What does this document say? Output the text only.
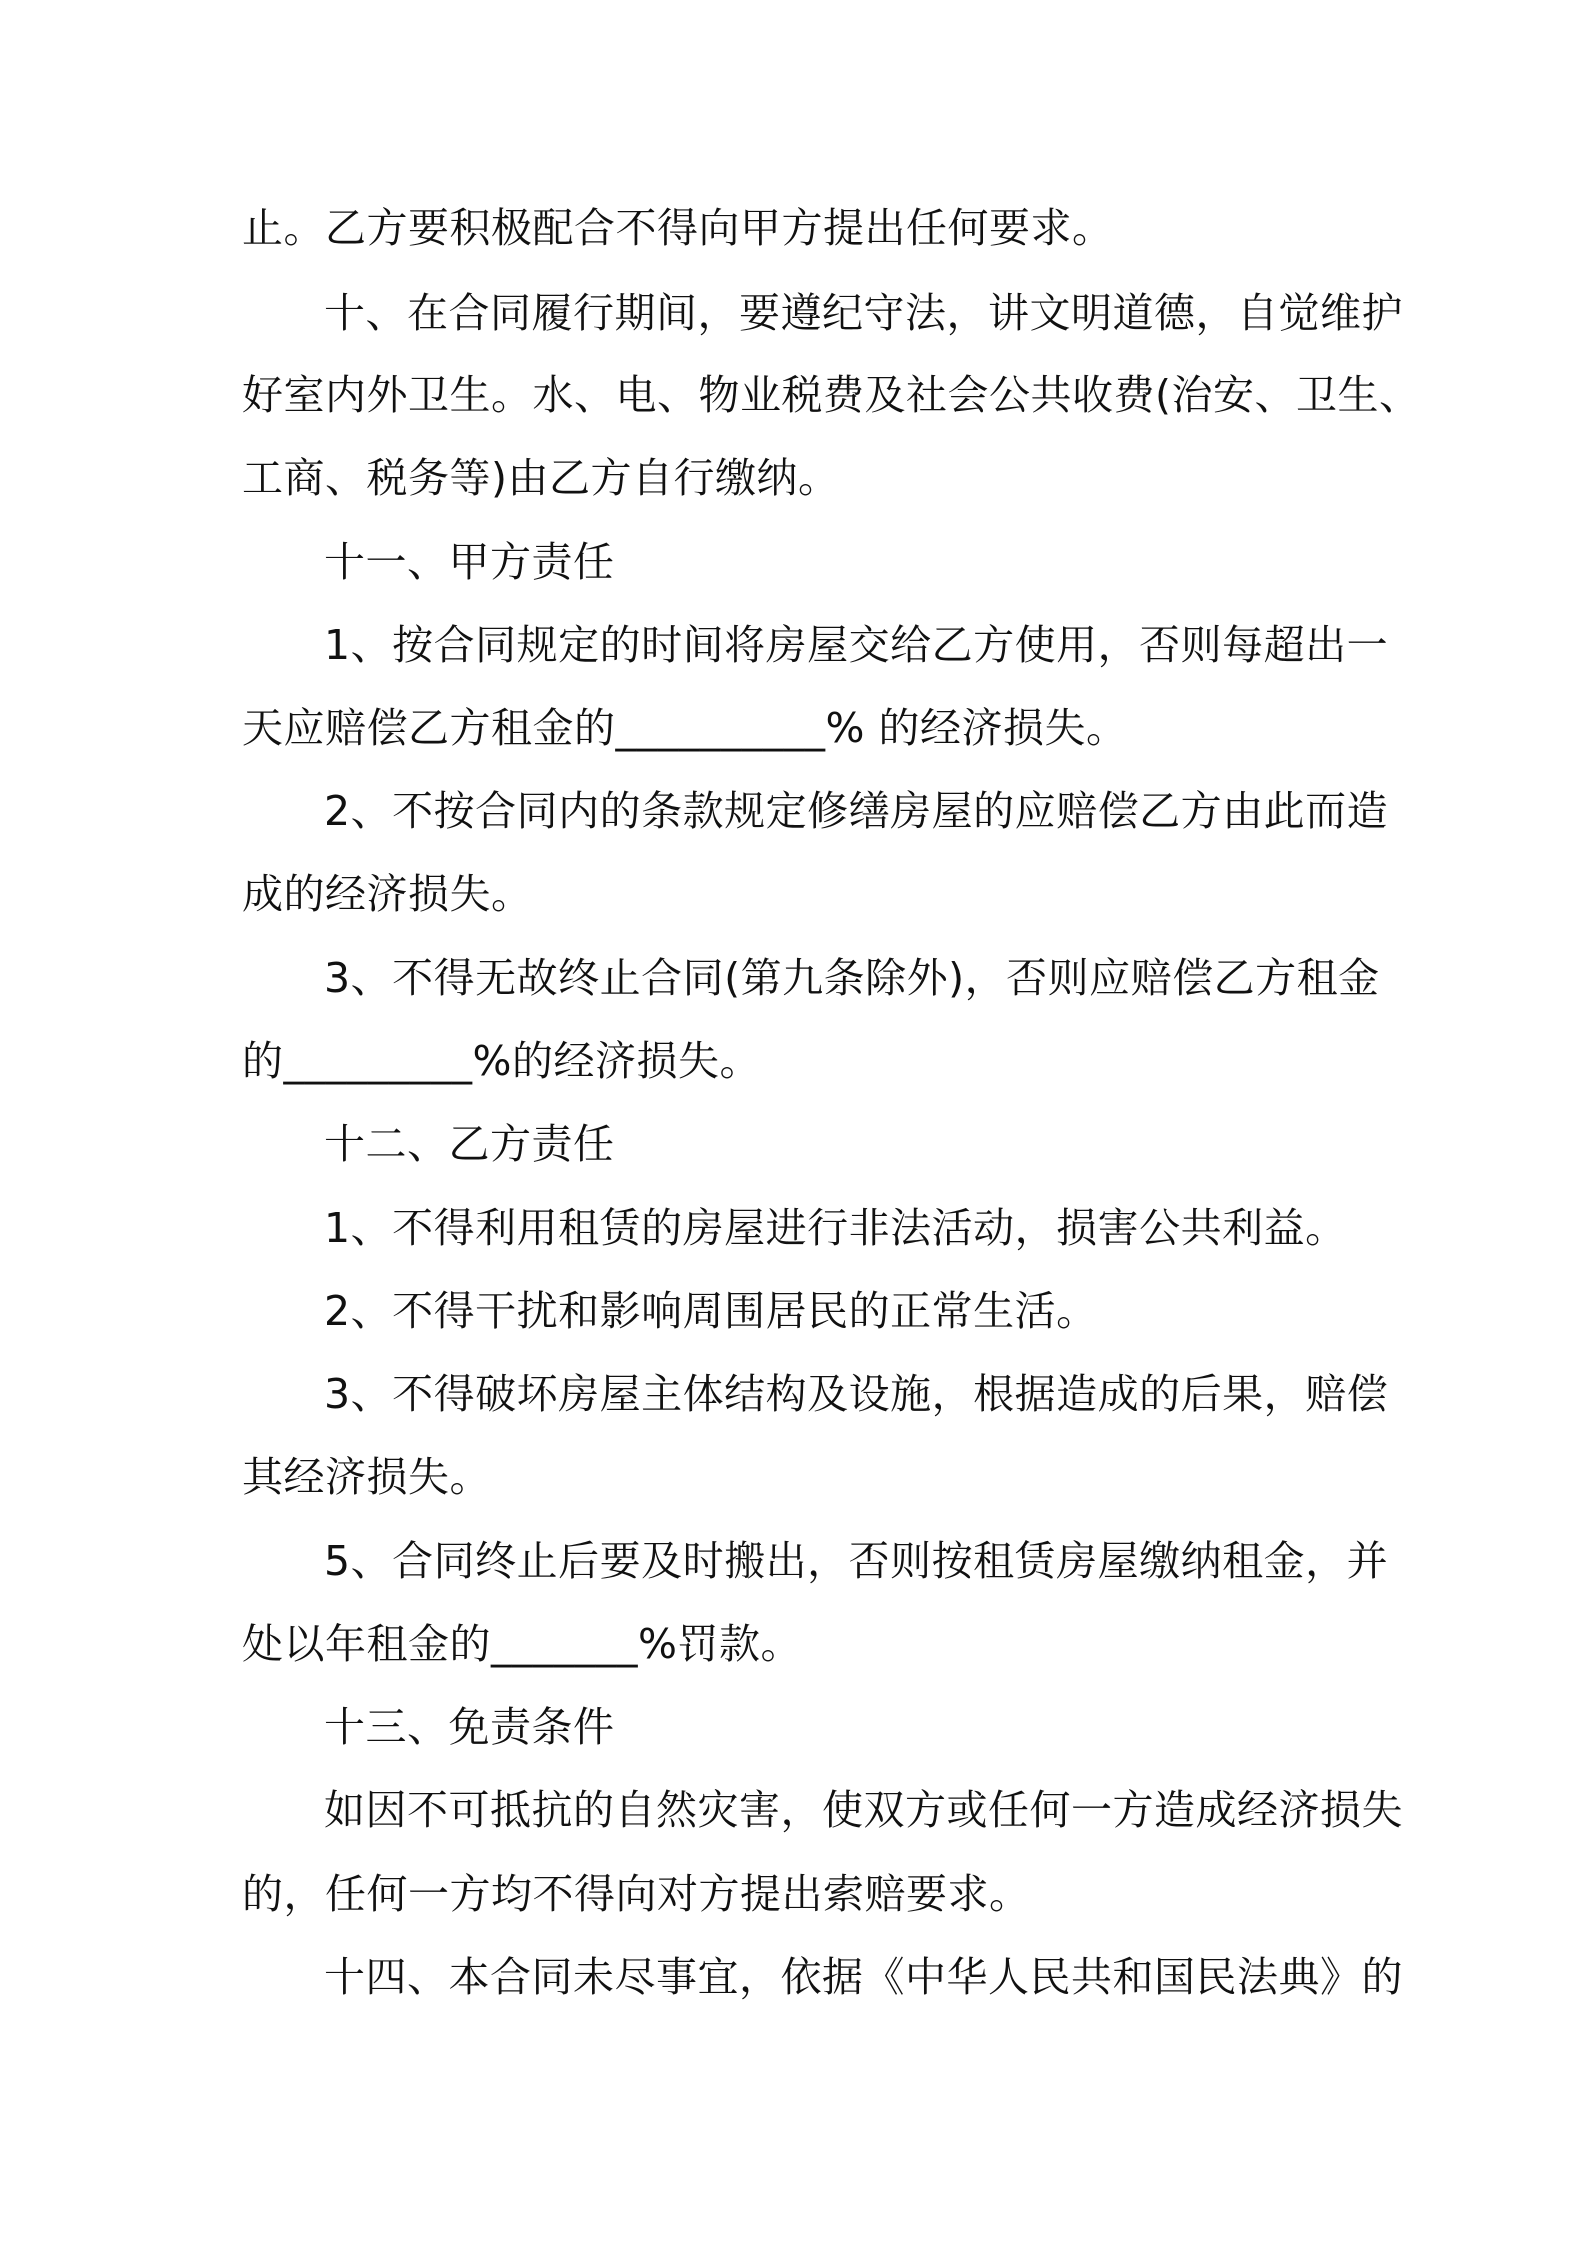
止。乙方要积极配合不得向甲方提出任何要求。

十、在合同履行期间，要遵纪守法，讲文明道德，自觉维护

好室内外卫生。水、电、物业税费及社会公共收费(治安、卫生、

工商、税务等)由乙方自行缴纳。

十一、甲方责任

1、按合同规定的时间将房屋交给乙方使用，否则每超出一

天应赔偿乙方租金的__________% 的经济损失。

2、不按合同内的条款规定修缮房屋的应赔偿乙方由此而造

成的经济损失。

3、不得无故终止合同(第九条除外)，否则应赔偿乙方租金

的_________%的经济损失。

十二、乙方责任

1、不得利用租赁的房屋进行非法活动，损害公共利益。

2、不得干扰和影响周围居民的正常生活。

3、不得破坏房屋主体结构及设施，根据造成的后果，赔偿

其经济损失。

5、合同终止后要及时搬出，否则按租赁房屋缴纳租金，并

处以年租金的_______%罚款。

十三、免责条件

如因不可抵抗的自然灾害，使双方或任何一方造成经济损失

的，任何一方均不得向对方提出索赔要求。

十四、本合同未尽事宜，依据《中华人民共和国民法典》的
